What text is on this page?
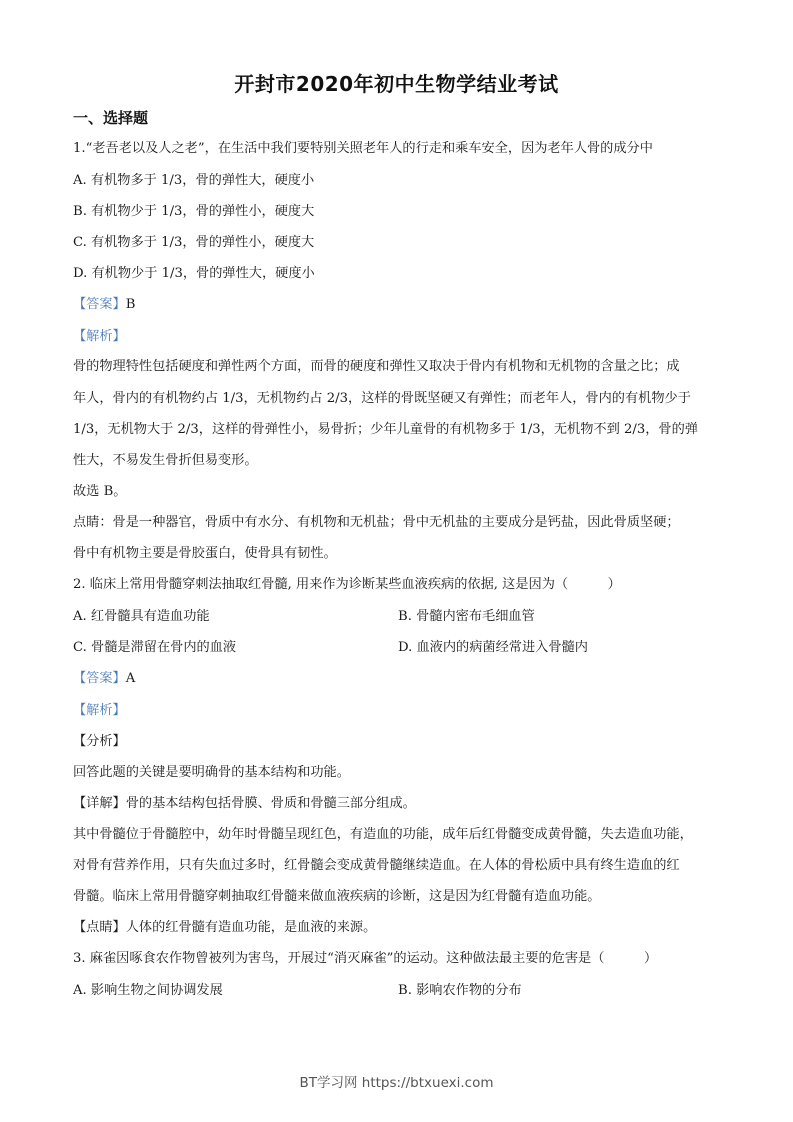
开封市2020年初中生物学结业考试
一、选择题
1.“老吾老以及人之老”，在生活中我们要特别关照老年人的行走和乘车安全，因为老年人骨的成分中
A. 有机物多于 1/3，骨的弹性大，硬度小
B. 有机物少于 1/3，骨的弹性小，硬度大
C. 有机物多于 1/3，骨的弹性小，硬度大
D. 有机物少于 1/3，骨的弹性大，硬度小
【答案】B
【解析】
骨的物理特性包括硬度和弹性两个方面，而骨的硬度和弹性又取决于骨内有机物和无机物的含量之比；成
年人，骨内的有机物约占 1/3，无机物约占 2/3，这样的骨既坚硬又有弹性；而老年人，骨内的有机物少于
1/3，无机物大于 2/3，这样的骨弹性小，易骨折；少年儿童骨的有机物多于 1/3，无机物不到 2/3，骨的弹
性大，不易发生骨折但易变形。
故选 B。
点睛：骨是一种器官，骨质中有水分、有机物和无机盐；骨中无机盐的主要成分是钙盐，因此骨质坚硬；
骨中有机物主要是骨胶蛋白，使骨具有韧性。
2. 临床上常用骨髓穿刺法抽取红骨髓, 用来作为诊断某些血液疾病的依据, 这是因为（　　　）
A. 红骨髓具有造血功能	B. 骨髓内密布毛细血管
C. 骨髓是滞留在骨内的血液	D. 血液内的病菌经常进入骨髓内
【答案】A
【解析】
【分析】
回答此题的关键是要明确骨的基本结构和功能。
【详解】骨的基本结构包括骨膜、骨质和骨髓三部分组成。
其中骨髓位于骨髓腔中，幼年时骨髓呈现红色，有造血的功能，成年后红骨髓变成黄骨髓，失去造血功能，
对骨有营养作用，只有失血过多时，红骨髓会变成黄骨髓继续造血。在人体的骨松质中具有终生造血的红
骨髓。临床上常用骨髓穿刺抽取红骨髓来做血液疾病的诊断，这是因为红骨髓有造血功能。
【点睛】人体的红骨髓有造血功能，是血液的来源。
3. 麻雀因啄食农作物曾被列为害鸟，开展过“消灭麻雀”的运动。这种做法最主要的危害是（　　　）
A. 影响生物之间协调发展	B. 影响农作物的分布
BT学习网 https://btxuexi.com
